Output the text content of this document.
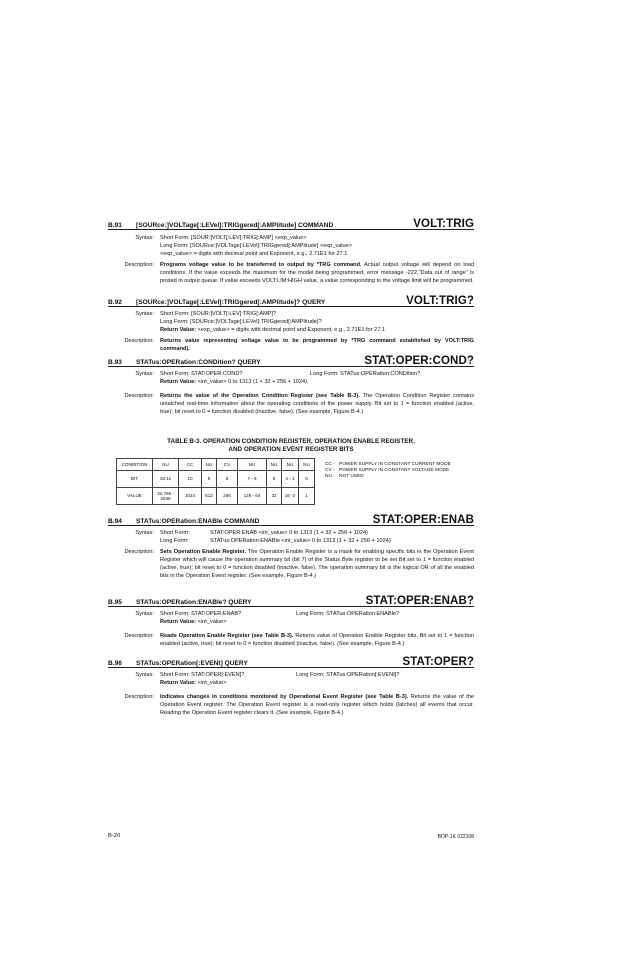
B.91 [SOURce:]VOLTage[:LEVel]:TRIGgered[:AMPlitude] COMMAND	VOLT:TRIG
Syntax:	Short Form: [SOUR:]VOLT[:LEV]:TRIG[:AMP] <exp_value>
Long Form: [SOURce:]VOLTage[:LEVel]:TRIGgered[:AMPlitude] <exp_value>
<exp_value> = digits with decimal point and Exponent, e.g., 2.71E1 for 27.1
Description:	Programs voltage value to be transferred to output by *TRG command. Actual output voltage will depend on load conditions. If the value exceeds the maximum for the model being programmed, error message -222,"Data out of range" is posted in output queue. If value exceeds VOLT:LIM:HIGH value, a value corresponding to the voltage limit will be programmed.
B.92 [SOURce:]VOLTage[:LEVel]:TRIGgered[:AMPlitude]? QUERY	VOLT:TRIG?
Syntax:	Short Form: [SOUR:]VOLT[:LEV]:TRIG[:AMP]?
Long Form: [SOURce:]VOLTage[:LEVel]:TRIGgered[:AMPlitude]?
Return Value: <exp_value> = digits with decimal point and Exponent, e.g., 2.71E1 for 27.1
Description:	Returns value representing voltage value to be programmed by *TRG command established by VOLT:TRIG command).
B.93 STATus:OPERation:CONDition? QUERY	STAT:OPER:COND?
Syntax:	Short Form: STAT:OPER:COND?	Long Form: STATus:OPERation:CONDition?
Return Value: <int_value> 0 to 1313 (1 + 32 + 256 + 1024).
Description:	Returns the value of the Operation Condition Register (see Table B-3). The Operation Condition Register contains unlatched real-time information about the operating conditions of the power supply. Bit set to 1 = function enabled (active, true); bit reset to 0 = function disabled (inactive, false). (See example, Figure B-4.)
TABLE B-3. OPERATION CONDITION REGISTER, OPERATION ENABLE REGISTER,
AND OPERATION EVENT REGISTER BITS
CONDITION	NU	CC	NU	CV	NU	NU	NU	NU
BIT	15-11	10	9	8	7 - 6	5	4 - 1	0
VALUE	32,768 - 2048	1024	512	256	128 - 64	32	16 -2	1
CC - POWER SUPPLY IN CONSTANT CURRENT MODE
CV - POWER SUPPLY IN CONSTANT VOLTAGE MODE
NU	NOT USED
B.94 STATus:OPERation:ENABle COMMAND	STAT:OPER:ENAB
Syntax:	Short Form:	STAT:OPER:ENAB <int_value> 0 to 1313 (1 + 32 + 256 + 1024)
Long Form:	STATus:OPERation:ENABle <int_value> 0 to 1313 (1 + 32 + 256 + 1024)
Description:	Sets Operation Enable Register. The Operation Enable Register is a mask for enabling specific bits in the Operation Event Register which will cause the operation summary bit (bit 7) of the Status Byte register to be set Bit set to 1 = function enabled (active, true); bit reset to 0 = function disabled (inactive, false). The operation summary bit is the logical OR of all the enabled bits in the Operation Event register. (See example, Figure B-4.)
B.95 STATus:OPERation:ENABle? QUERY	STAT:OPER:ENAB?
Syntax:	Short Form: STAT:OPER:ENAB?	Long Form: STATus:OPERation:ENABle?
Return Value: <int_value>
Description:	Reads Operation Enable Register (see Table B-3). Returns value of Operation Enable Register bits. Bit set to 1 = function enabled (active, true); bit reset to 0 = function disabled (inactive, false). (See example, Figure B-4.)
B.96 STATus:OPERation[:EVENt] QUERY	STAT:OPER?
Syntax:	Short Form: STAT:OPER[:EVEN]?	Long Form: STATus:OPERation[:EVENt]?
Return Value: <int_value>
Description:	Indicates changes in conditions monitored by Operational Event Register (see Table B-3). Returns the value of the Operation Event register. The Operation Event register is a read-only register which holds (latches) all events that occur. Reading the Operation Event register clears it. (See example, Figure B-4.)
B-20	BOP-1K 022108
